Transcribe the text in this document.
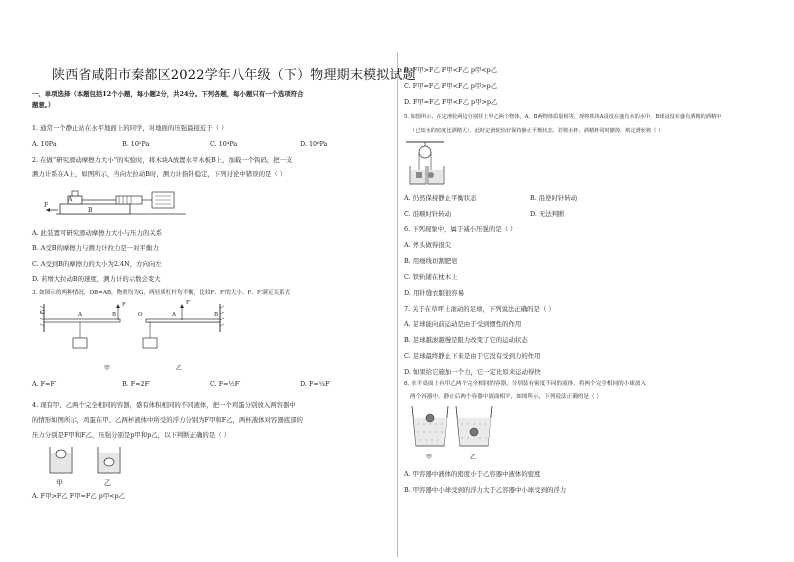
陕西省咸阳市秦都区2022学年八年级（下）物理期末模拟试题
一、单项选择（本题包括12个小题，每小题2分，共24分。下列各题，每小题只有一个选项符合
题意。）
1. 通常一个静止站在水平地面上的同学，对地面的压强最接近于（ ）
A. 10Pa	B. 10²Pa	C. 10⁴Pa	D. 10⁶Pa
2. 在做“研究滑动摩擦力大小”的实验时，将木块A放置水平木板B上，加载一个钩码，把一支
测力计系在A上，如图所示，当向左拉动B时，测力计指针稳定，下列讨论中错误的是（ ）
A
B
F
A. 此装置可研究滑动摩擦力大小与压力的关系
B. A受B的摩擦力与测力计拉力是一对平衡力
C. A受到B的摩擦力的大小为2.4N，方向向左
D. 若增大拉动B的速度，测力计的示数会变大
3. 如图示的两种情况，OB=AB，物重均为G，两轻质杠杆均平衡，比较F、F′的大小，F、F′满足关系式
O	A	B
F
甲
O	A	B
F′
乙
A. F=F′	B. F=2F′	C. F=½F′	D. F=¼F′
4. 现有甲、乙两个完全相同的容器，盛有体积相同的不同液体，把一个鸡蛋分别放入两容器中
的情形如图所示，鸡蛋在甲、乙两杯液体中所受的浮力分别为F甲和F乙，两杯液体对容器底部的
压力分别是F甲和F乙，压强分别是p甲和p乙，以下判断正确的是（ ）
甲	乙
A. F甲>F乙 F甲=F乙 p甲<p乙
B. F甲>F乙 F甲<F乙 p甲<p乙
C. F甲=F乙 F甲<F乙 p甲>p乙
D. F甲=F乙 F甲<F乙 p甲>p乙
5. 如图所示，在定滑轮两边分别挂上甲乙两个物体，A、B两物体质量相等，现将铁块A浸没在盛有水的水中，B球浸没在盛有酒精的酒精中
（已知水的密度比酒精大），此时定滑轮恰好保持静止平衡状态，若将水杯、酒精杯同时撤掉，则定滑轮将（ ）
A. 仍然保持静止平衡状态	B. 沿逆时针转动
C. 沿顺时针转动	D. 无法判断
6. 下列现象中，属于减小压强的是（ ）
A. 斧头做得很尖
B. 用细线切割肥皂
C. 铁轨铺在枕木上
D. 用针缝衣服很容易
7. 关于在草坪上滚动的足球，下列说法正确的是（ ）
A. 足球能向前运动是由于受到惯性的作用
B. 足球越滚越慢是阻力改变了它的运动状态
C. 足球最终静止下来是由于它没有受到力的作用
D. 如果给它施加一个力，它一定比原来运动得快
8. 水平桌面上有甲乙两个完全相同的容器，分别装有密度不同的液体，将两个完全相同的小球放入
两个容器中，静止后两个容器中液面相平，如图所示，下列说法正确的是（ ）
甲	乙
A. 甲容器中液体的密度小于乙容器中液体的密度
B. 甲容器中小球受到的浮力大于乙容器中小球受到的浮力
